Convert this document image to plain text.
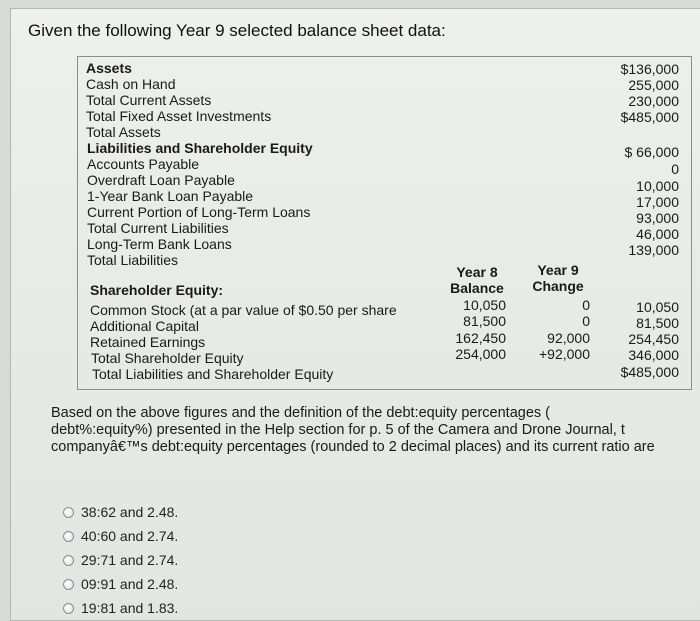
Given the following Year 9 selected balance sheet data:
Assets
Cash on Hand
Total Current Assets
Total Fixed Asset Investments
Total Assets
$136,000
255,000
230,000
$485,000
Liabilities and Shareholder Equity
Accounts Payable
Overdraft Loan Payable
1-Year Bank Loan Payable
Current Portion of Long-Term Loans
Total Current Liabilities
Long-Term Bank Loans
Total Liabilities
$ 66,000
0
10,000
17,000
93,000
46,000
139,000
Year 8
Balance
Year 9
Change
Shareholder Equity:
Common Stock (at a par value of $0.50 per share
Additional Capital
Retained Earnings
Total Shareholder Equity
Total Liabilities and Shareholder Equity
10,050
81,500
162,450
254,000
0
0
92,000
+92,000
10,050
81,500
254,450
346,000
$485,000
Based on the above figures and the definition of the debt:equity percentages (
debt%:equity%) presented in the Help section for p. 5 of the Camera and Drone Journal, t
companyâ€™s debt:equity percentages (rounded to 2 decimal places) and its current ratio are
38:62 and 2.48.
40:60 and 2.74.
29:71 and 2.74.
09:91 and 2.48.
19:81 and 1.83.
